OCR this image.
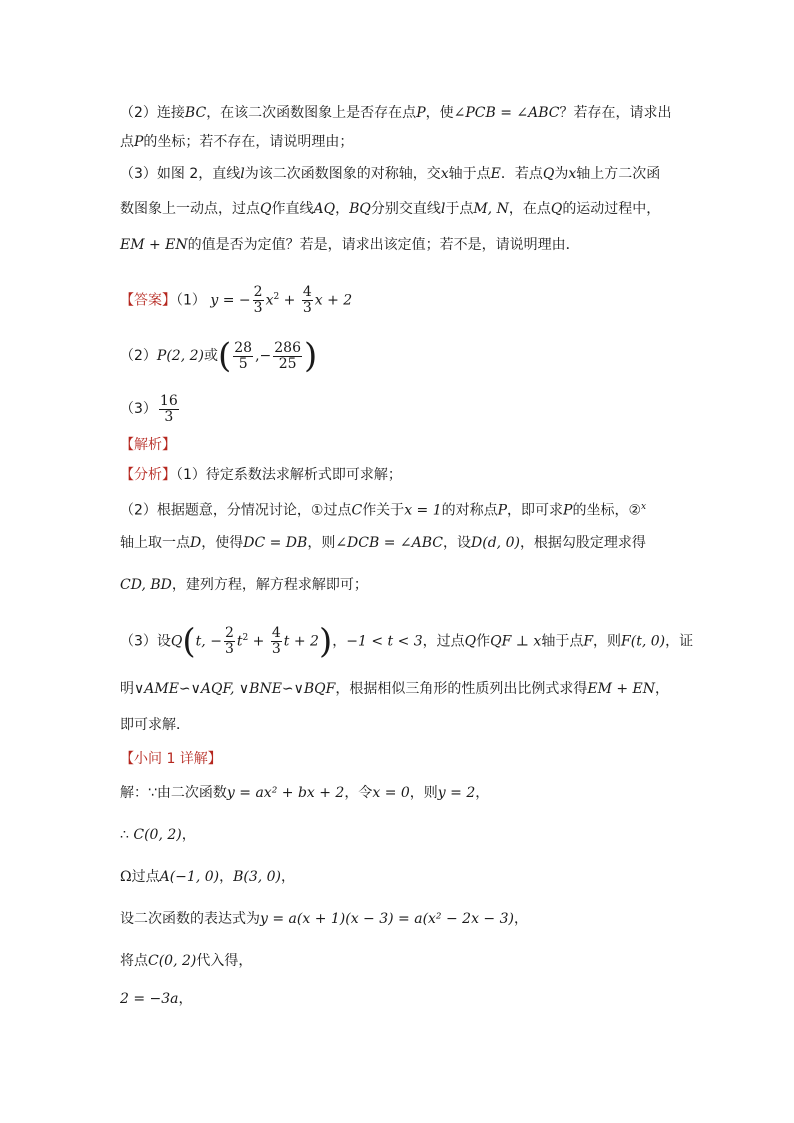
（2）连接BC，在该二次函数图象上是否存在点P，使∠PCB = ∠ABC？若存在，请求出
点P的坐标；若不存在，请说明理由；
（3）如图 2，直线l为该二次函数图象的对称轴，交x轴于点E．若点Q为x轴上方二次函
数图象上一动点，过点Q作直线AQ，BQ分别交直线l于点M, N，在点Q的运动过程中，
EM + EN的值是否为定值？若是，请求出该定值；若不是，请说明理由．
【答案】（1） y = − $\frac{2}{3} x^2 + \frac{4}{3}$ x + 2
（2）P(2, 2)或( $\frac{28}{5}$ ,− $\frac{286}{25}$ )
$(3) \frac{16}{3}$
【解析】
【分析】（1）待定系数法求解析式即可求解；
（2）根据题意，分情况讨论，①过点C作关于x = 1的对称点P，即可求P的坐标，②$^x$
轴上取一点D，使得DC = DB，则∠DCB = ∠ABC，设D(d, 0)，根据勾股定理求得
CD, BD，建列方程，解方程求解即可；
（3）设Q(t, − $\frac{2}{3} t^2 + \frac{4}{3}$ t + 2)，−1 < t < 3，过点Q作QF ⊥ x轴于点F，则F(t, 0)，证
明∨AME∽∨AQF, ∨BNE∽∨BQF，根据相似三角形的性质列出比例式求得EM + EN，
即可求解．
【小问 1 详解】
解：∵由二次函数y = ax² + bx + 2，令x = 0，则y = 2，
∴ C(0, 2)，
Ω过点A(−1, 0)，B(3, 0)，
设二次函数的表达式为y = a(x + 1)(x − 3) = a(x² − 2x − 3)，
将点C(0, 2)代入得，
2 = −3a，
